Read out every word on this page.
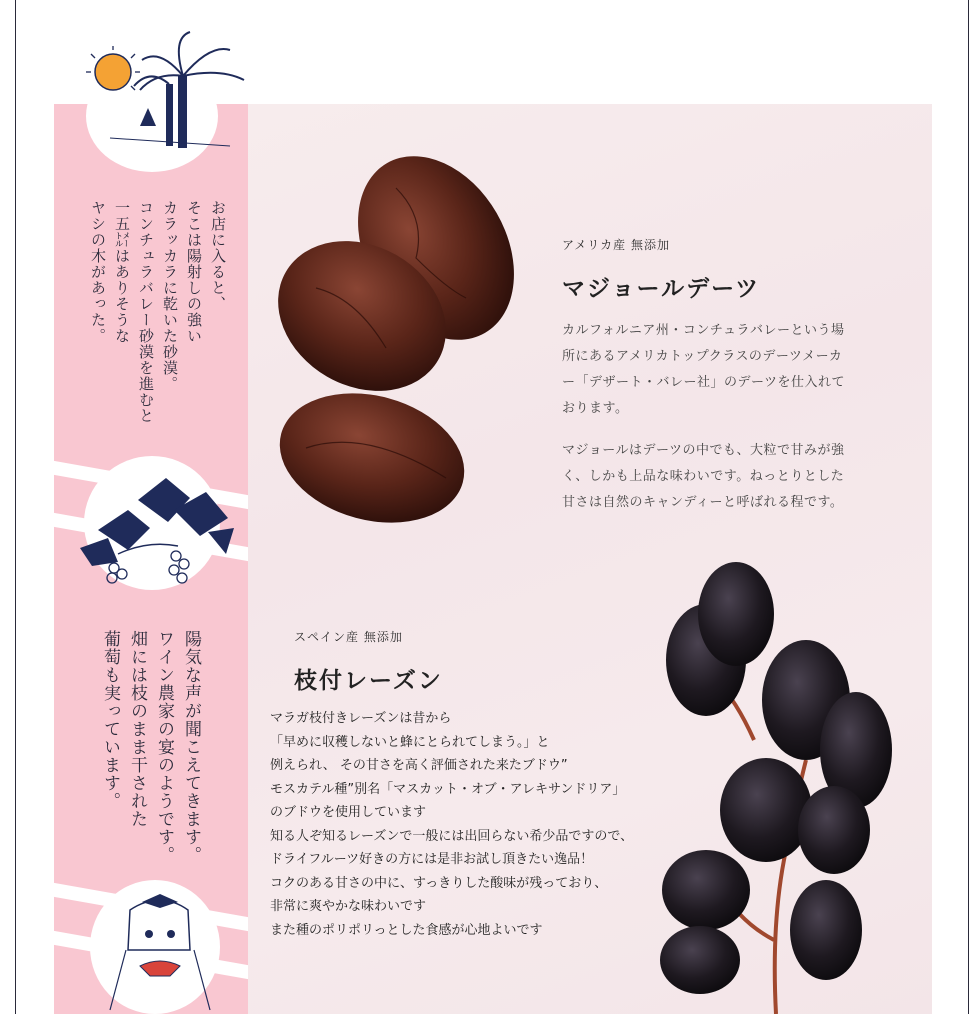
お店に入ると、
そこは陽射しの強い
カラッカラに乾いた砂漠。
コンチュラバレー砂漠を進むと
一五㍍はありそうな
ヤシの木があった。
陽気な声が聞こえてきます。
ワイン農家の宴のようです。
畑には枝のまま干された
葡萄も実っています。
アメリカ産 無添加
マジョールデーツ
カルフォルニア州・コンチュラバレーという場
所にあるアメリカトップクラスのデーツメーカ
ー「デザート・バレー社」のデーツを仕入れて
おります。
マジョールはデーツの中でも、大粒で甘みが強
く、しかも上品な味わいです。ねっとりとした
甘さは自然のキャンディーと呼ばれる程です。
スペイン産 無添加
枝付レーズン
マラガ枝付きレーズンは昔から
「早めに収穫しないと蜂にとられてしまう。」と
例えられ、 その甘さを高く評価された来たブドウ”
モスカテル種”別名「マスカット・オブ・アレキサンドリア」
のブドウを使用しています
知る人ぞ知るレーズンで一般には出回らない希少品ですので、
ドライフルーツ好きの方には是非お試し頂きたい逸品！
コクのある甘さの中に、すっきりした酸味が残っており、
非常に爽やかな味わいです
また種のポリポリっとした食感が心地よいです
